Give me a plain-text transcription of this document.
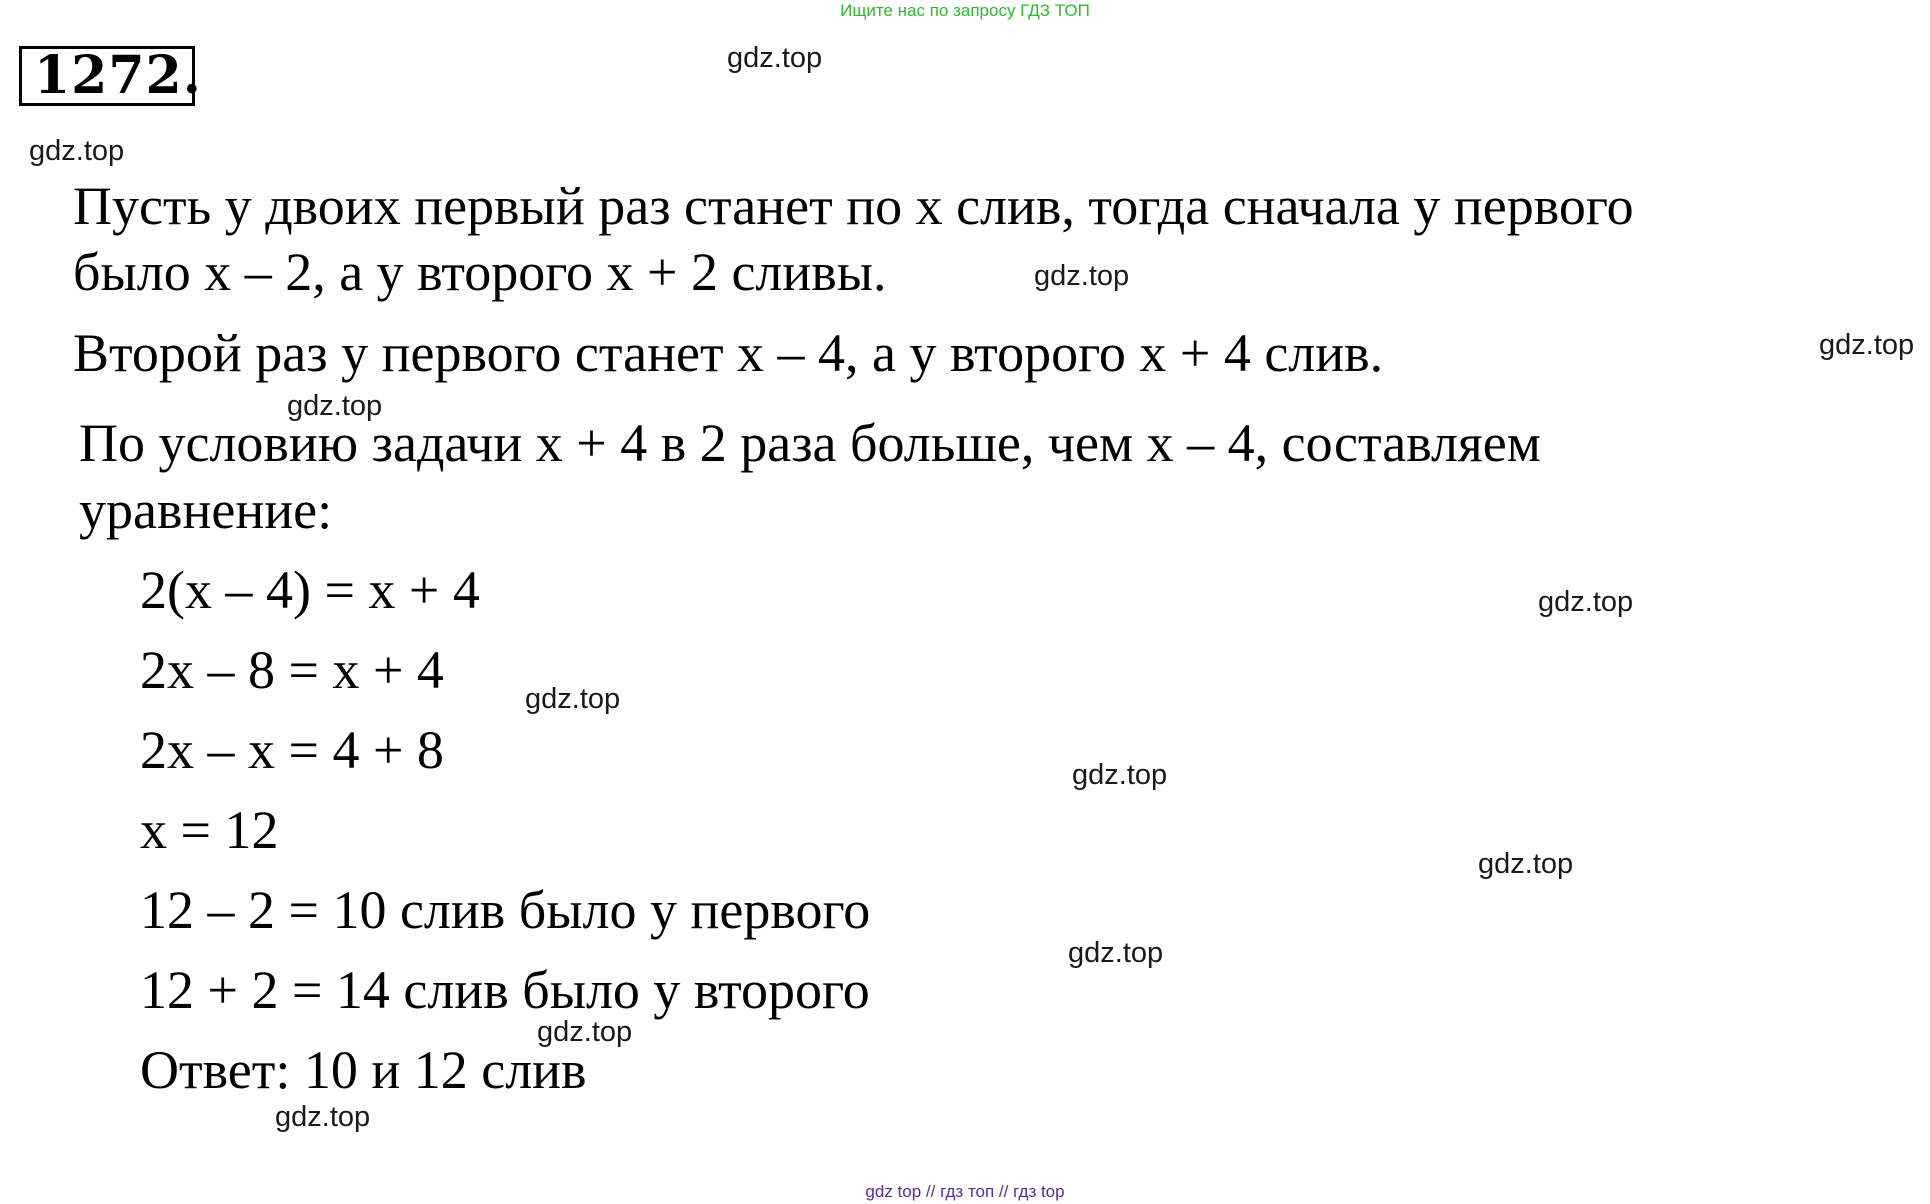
Ищите нас по запросу ГДЗ ТОП
1272.	gdz.top
gdz.top
gdz.top
gdz.top
gdz.top
gdz.top
gdz.top
gdz.top
gdz.top
gdz.top
gdz.top
gdz.top
Пусть у двоих первый раз станет по х слив, тогда сначала у первого
было х – 2, а у второго х + 2 сливы.
Второй раз у первого станет х – 4, а у второго х + 4 слив.
По условию задачи х + 4 в 2 раза больше, чем х – 4, составляем
уравнение:
2(х – 4) = х + 4
2х – 8 = х + 4
2х – х = 4 + 8
х = 12
12 – 2 = 10 слив было у первого
12 + 2 = 14 слив было у второго
Ответ: 10 и 12 слив
gdz top // гдз топ // гдз top
